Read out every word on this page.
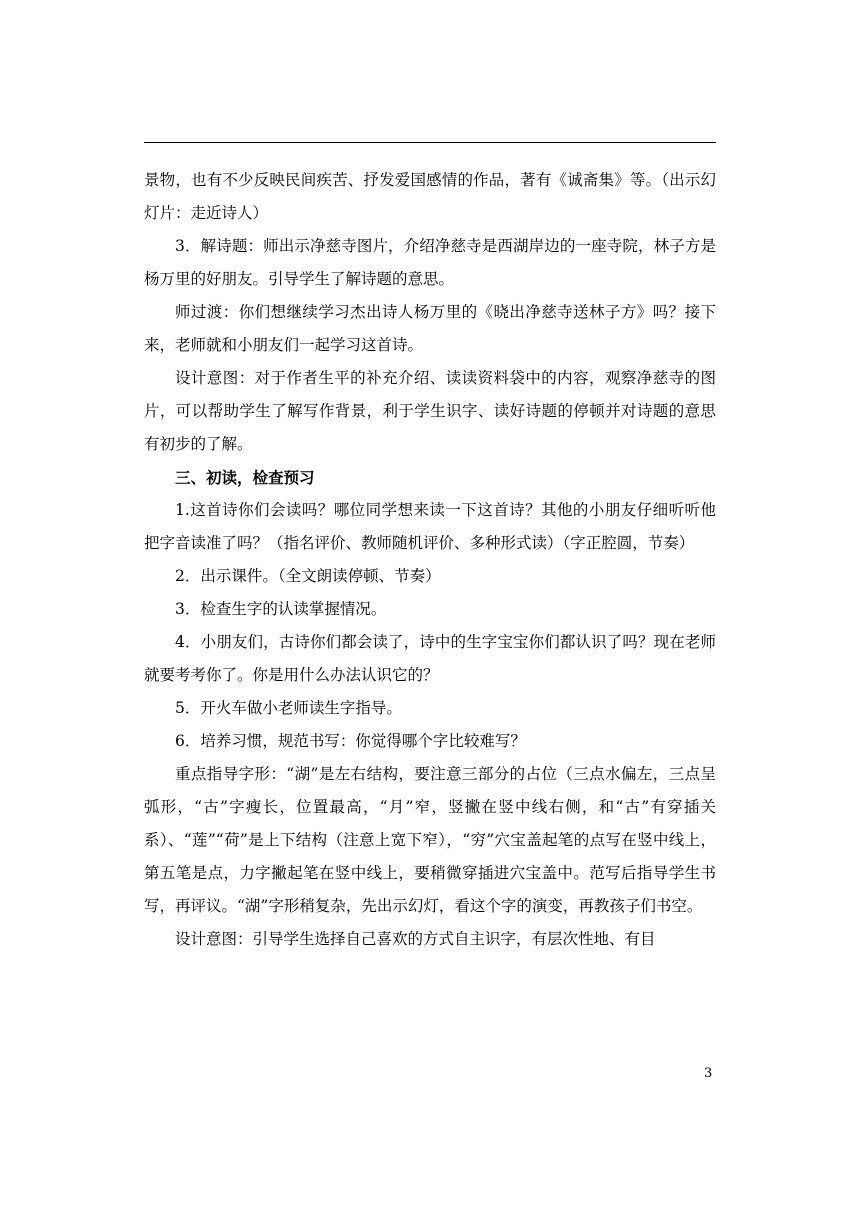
景物，也有不少反映民间疾苦、抒发爱国感情的作品，著有《诚斋集》等。（出示幻灯片：走近诗人）

3．解诗题：师出示净慈寺图片，介绍净慈寺是西湖岸边的一座寺院，林子方是杨万里的好朋友。引导学生了解诗题的意思。

师过渡：你们想继续学习杰出诗人杨万里的《晓出净慈寺送林子方》吗？接下来，老师就和小朋友们一起学习这首诗。

设计意图：对于作者生平的补充介绍、读读资料袋中的内容，观察净慈寺的图片，可以帮助学生了解写作背景，利于学生识字、读好诗题的停顿并对诗题的意思有初步的了解。

三、初读，检查预习

1.这首诗你们会读吗？哪位同学想来读一下这首诗？其他的小朋友仔细听听他把字音读准了吗？（指名评价、教师随机评价、多种形式读）（字正腔圆，节奏）

2．出示课件。（全文朗读停顿、节奏）

3．检查生字的认读掌握情况。

4．小朋友们，古诗你们都会读了，诗中的生字宝宝你们都认识了吗？现在老师就要考考你了。你是用什么办法认识它的？

5．开火车做小老师读生字指导。

6．培养习惯，规范书写：你觉得哪个字比较难写？

重点指导字形：“湖”是左右结构，要注意三部分的占位（三点水偏左，三点呈弧形，“古”字瘦长，位置最高，“月”窄，竖撇在竖中线右侧，和“古”有穿插关系）、“莲”“荷”是上下结构（注意上宽下窄），“穷”穴宝盖起笔的点写在竖中线上，第五笔是点，力字撇起笔在竖中线上，要稍微穿插进穴宝盖中。范写后指导学生书写，再评议。“湖”字形稍复杂，先出示幻灯，看这个字的演变，再教孩子们书空。

设计意图：引导学生选择自己喜欢的方式自主识字，有层次性地、有目

3
